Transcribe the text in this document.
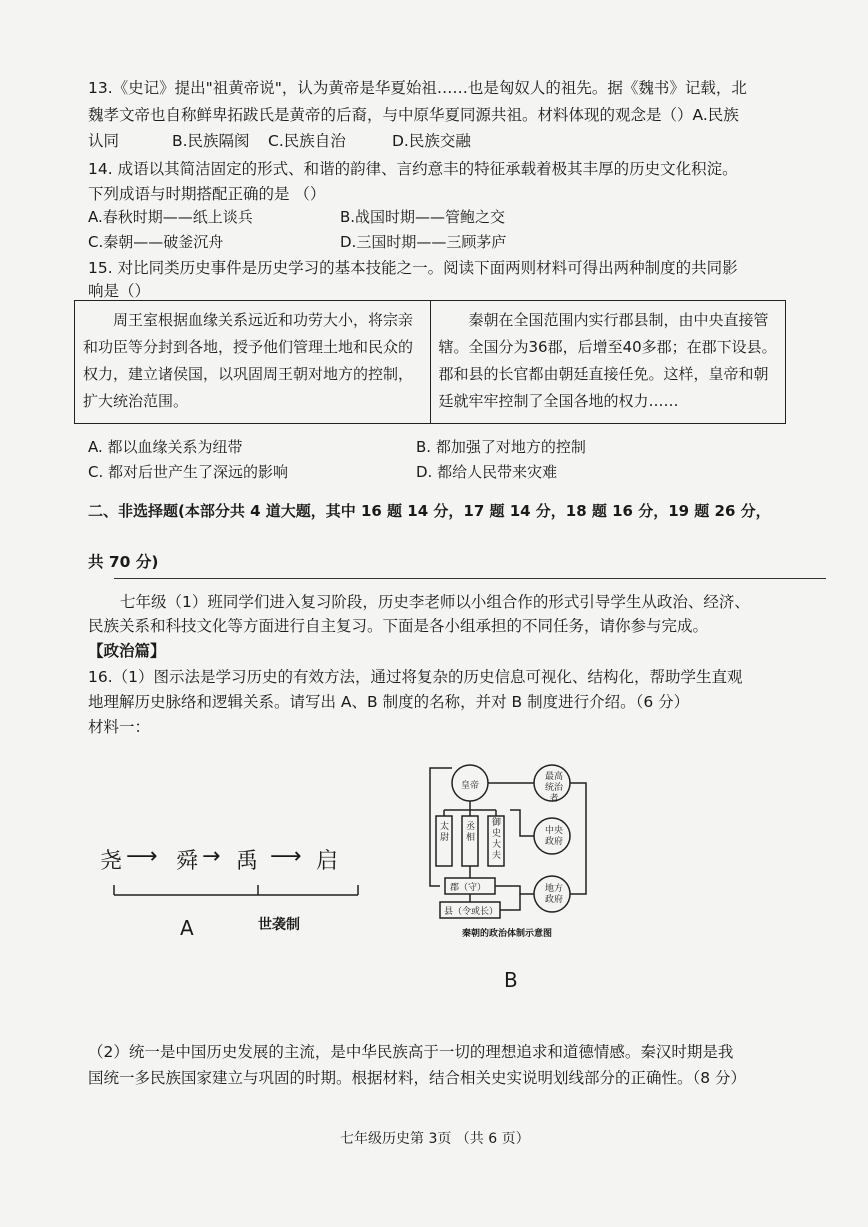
13.《史记》提出"祖黄帝说"，认为黄帝是华夏始祖……也是匈奴人的祖先。据《魏书》记载，北
魏孝文帝也自称鲜卑拓跋氏是黄帝的后裔，与中原华夏同源共祖。材料体现的观念是（）A.民族
认同	B.民族隔阂 C.民族自治	D.民族交融
14. 成语以其简洁固定的形式、和谐的韵律、言约意丰的特征承载着极其丰厚的历史文化积淀。
下列成语与时期搭配正确的是 （）
A.春秋时期——纸上谈兵	B.战国时期——管鲍之交
C.秦朝——破釜沉舟	D.三国时期——三顾茅庐
15. 对比同类历史事件是历史学习的基本技能之一。阅读下面两则材料可得出两种制度的共同影
响是（）

周王室根据血缘关系远近和功劳大小，将宗亲和功臣等分封到各地，授予他们管理土地和民众的权力，建立诸侯国，以巩固周王朝对地方的控制，扩大统治范围。

秦朝在全国范围内实行郡县制，由中央直接管辖。全国分为36郡，后增至40多郡；在郡下设县。郡和县的长官都由朝廷直接任免。这样，皇帝和朝廷就牢牢控制了全国各地的权力……

A. 都以血缘关系为纽带	B. 都加强了对地方的控制
C. 都对后世产生了深远的影响	D. 都给人民带来灾难
二、非选择题(本部分共 4 道大题，其中 16 题 14 分，17 题 14 分，18 题 16 分，19 题 26 分，
共 70 分)
七年级（1）班同学们进入复习阶段，历史李老师以小组合作的形式引导学生从政治、经济、
民族关系和科技文化等方面进行自主复习。下面是各小组承担的不同任务，请你参与完成。
【政治篇】
16.（1）图示法是学习历史的有效方法，通过将复杂的历史信息可视化、结构化，帮助学生直观
地理解历史脉络和逻辑关系。请写出 A、B 制度的名称，并对 B 制度进行介绍。（6 分）
材料一：
尧 ⟶ 舜 → 禹 ⟶ 启
A	世袭制
皇帝
太尉
丞相
御史大夫
郡（守）
县（令或长）
最高统治者
中央政府
地方政府
秦朝的政治体制示意图
B
（2）统一是中国历史发展的主流，是中华民族高于一切的理想追求和道德情感。秦汉时期是我
国统一多民族国家建立与巩固的时期。根据材料，结合相关史实说明划线部分的正确性。（8 分）
七年级历史第 3页 （共 6 页）
